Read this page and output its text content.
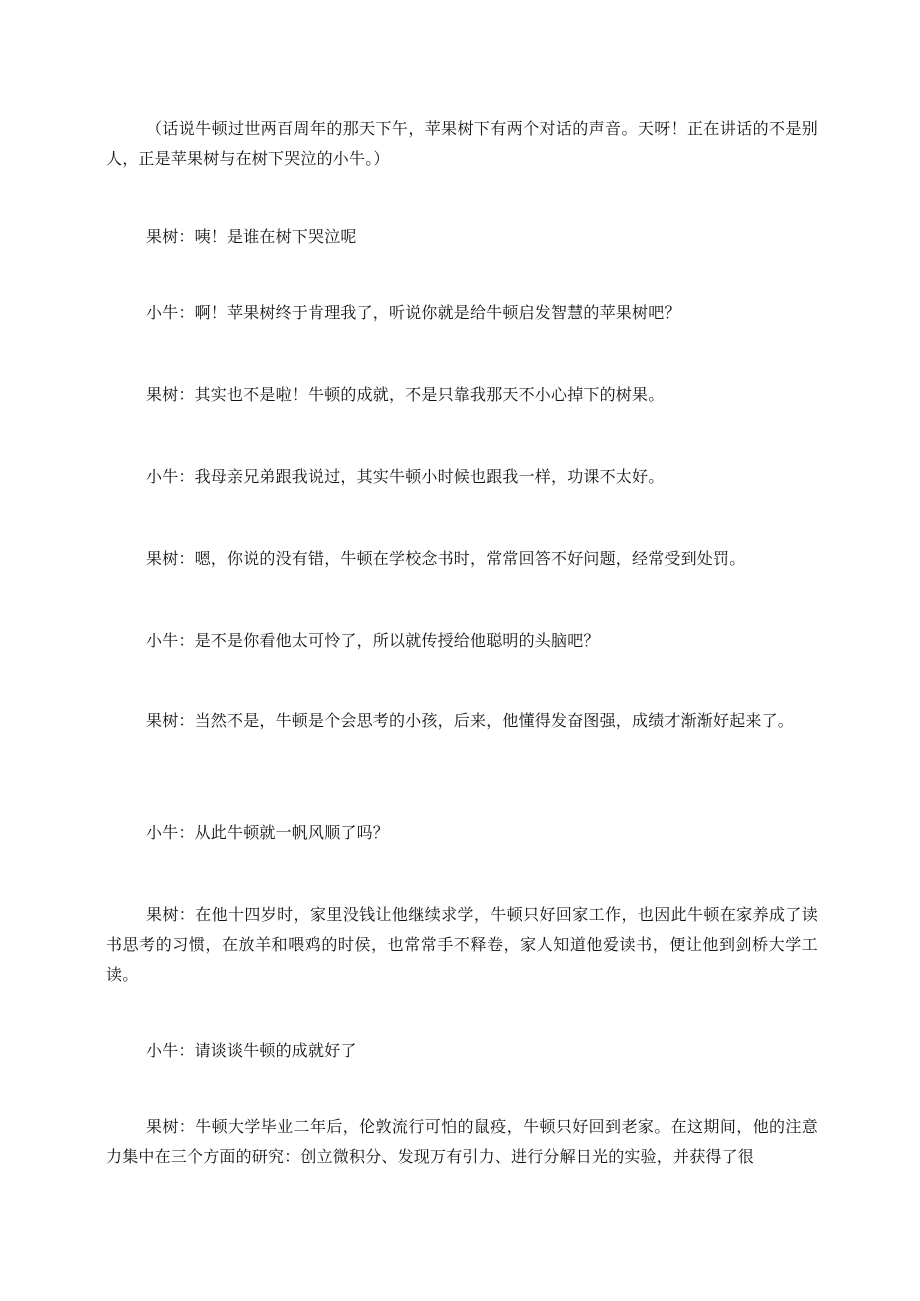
（话说牛顿过世两百周年的那天下午，苹果树下有两个对话的声音。天呀！正在讲话的不是别人，正是苹果树与在树下哭泣的小牛。）

果树：咦！是谁在树下哭泣呢

小牛：啊！苹果树终于肯理我了，听说你就是给牛顿启发智慧的苹果树吧？

果树：其实也不是啦！牛顿的成就，不是只靠我那天不小心掉下的树果。

小牛：我母亲兄弟跟我说过，其实牛顿小时候也跟我一样，功课不太好。

果树：嗯，你说的没有错，牛顿在学校念书时，常常回答不好问题，经常受到处罚。

小牛：是不是你看他太可怜了，所以就传授给他聪明的头脑吧？

果树：当然不是，牛顿是个会思考的小孩，后来，他懂得发奋图强，成绩才渐渐好起来了。

小牛：从此牛顿就一帆风顺了吗？

果树：在他十四岁时，家里没钱让他继续求学，牛顿只好回家工作，也因此牛顿在家养成了读书思考的习惯，在放羊和喂鸡的时侯，也常常手不释卷，家人知道他爱读书，便让他到剑桥大学工读。

小牛：请谈谈牛顿的成就好了

果树：牛顿大学毕业二年后，伦敦流行可怕的鼠疫，牛顿只好回到老家。在这期间，他的注意力集中在三个方面的研究：创立微积分、发现万有引力、进行分解日光的实验，并获得了很
